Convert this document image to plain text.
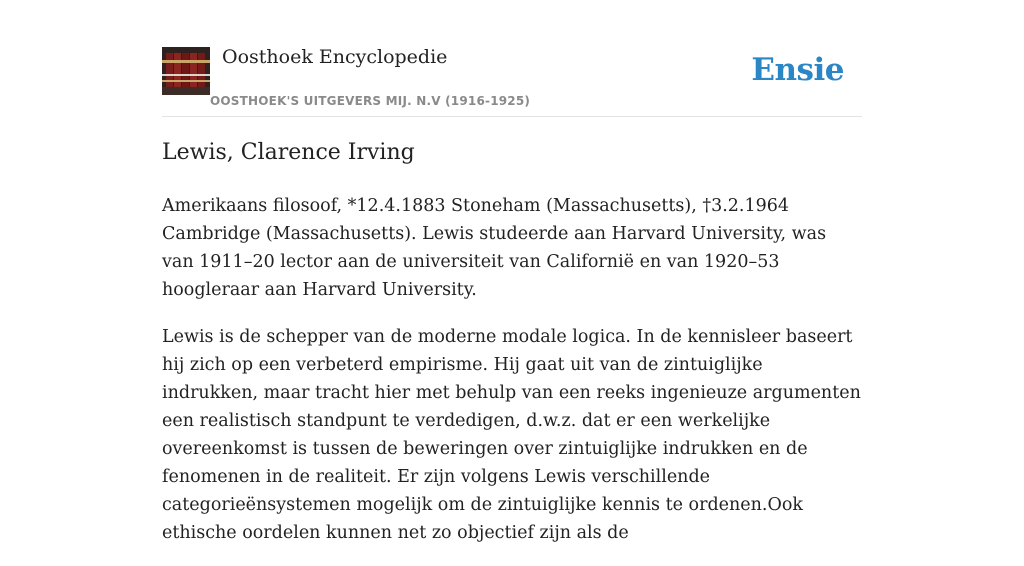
Oosthoek Encyclopedie
OOSTHOEK'S UITGEVERS MIJ. N.V (1916-1925)
Ensie
Lewis, Clarence Irving

Amerikaans filosoof, *12.4.1883 Stoneham (Massachusetts), †3.2.1964 Cambridge (Massachusetts). Lewis studeerde aan Harvard University, was van 1911–20 lector aan de universiteit van Californië en van 1920–53 hoogleraar aan Harvard University.

Lewis is de schepper van de moderne modale logica. In de kennisleer baseert hij zich op een verbeterd empirisme. Hij gaat uit van de zintuiglijke indrukken, maar tracht hier met behulp van een reeks ingenieuze argumenten een realistisch standpunt te verdedigen, d.w.z. dat er een werkelijke overeenkomst is tussen de beweringen over zintuiglijke indrukken en de fenomenen in de realiteit. Er zijn volgens Lewis verschillende categorieënsystemen mogelijk om de zintuiglijke kennis te ordenen.Ook ethische oordelen kunnen net zo objectief zijn als de
